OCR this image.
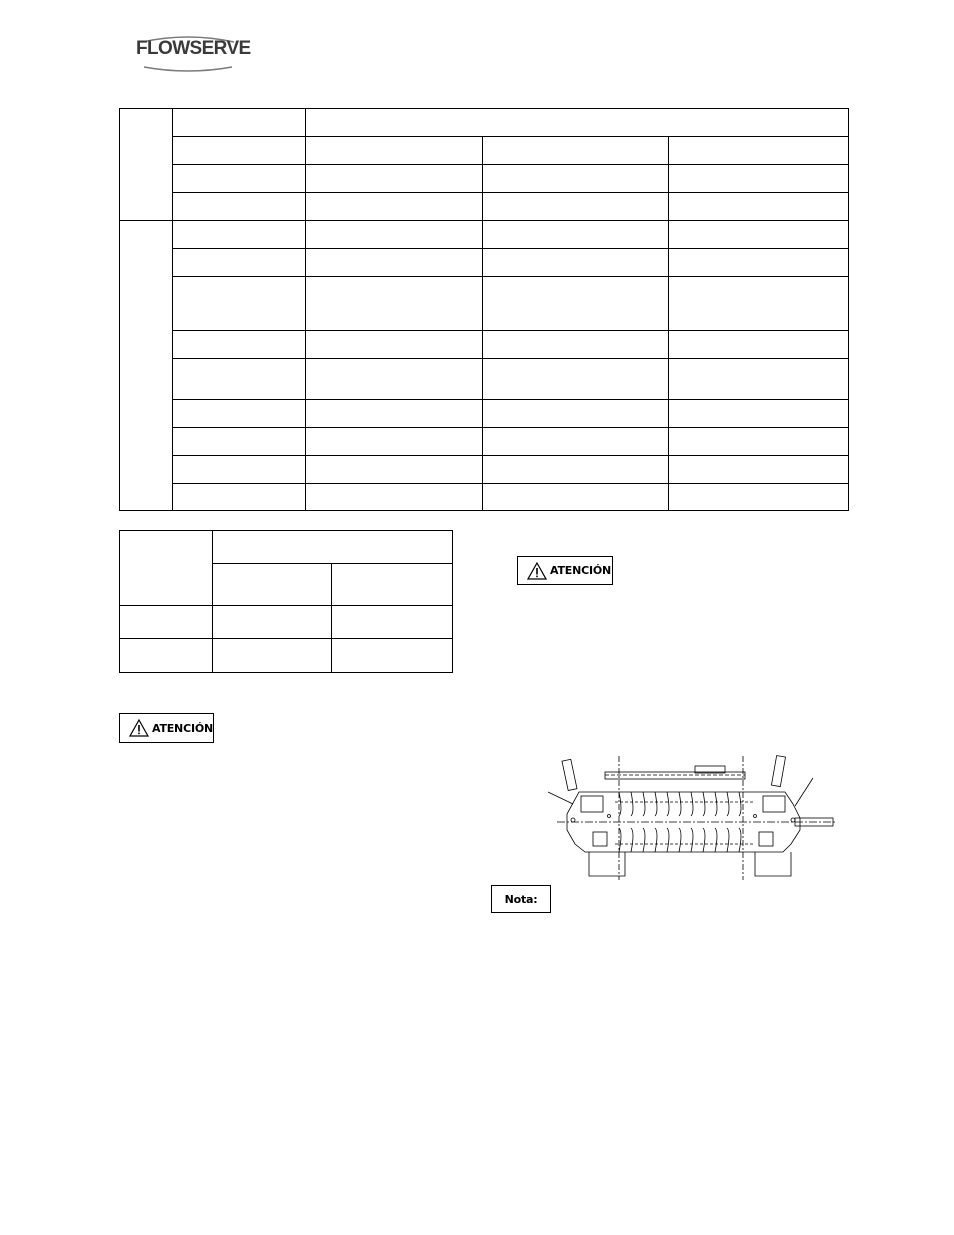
FLOWSERVE

ATENCIÓN
ATENCIÓN
Nota:
